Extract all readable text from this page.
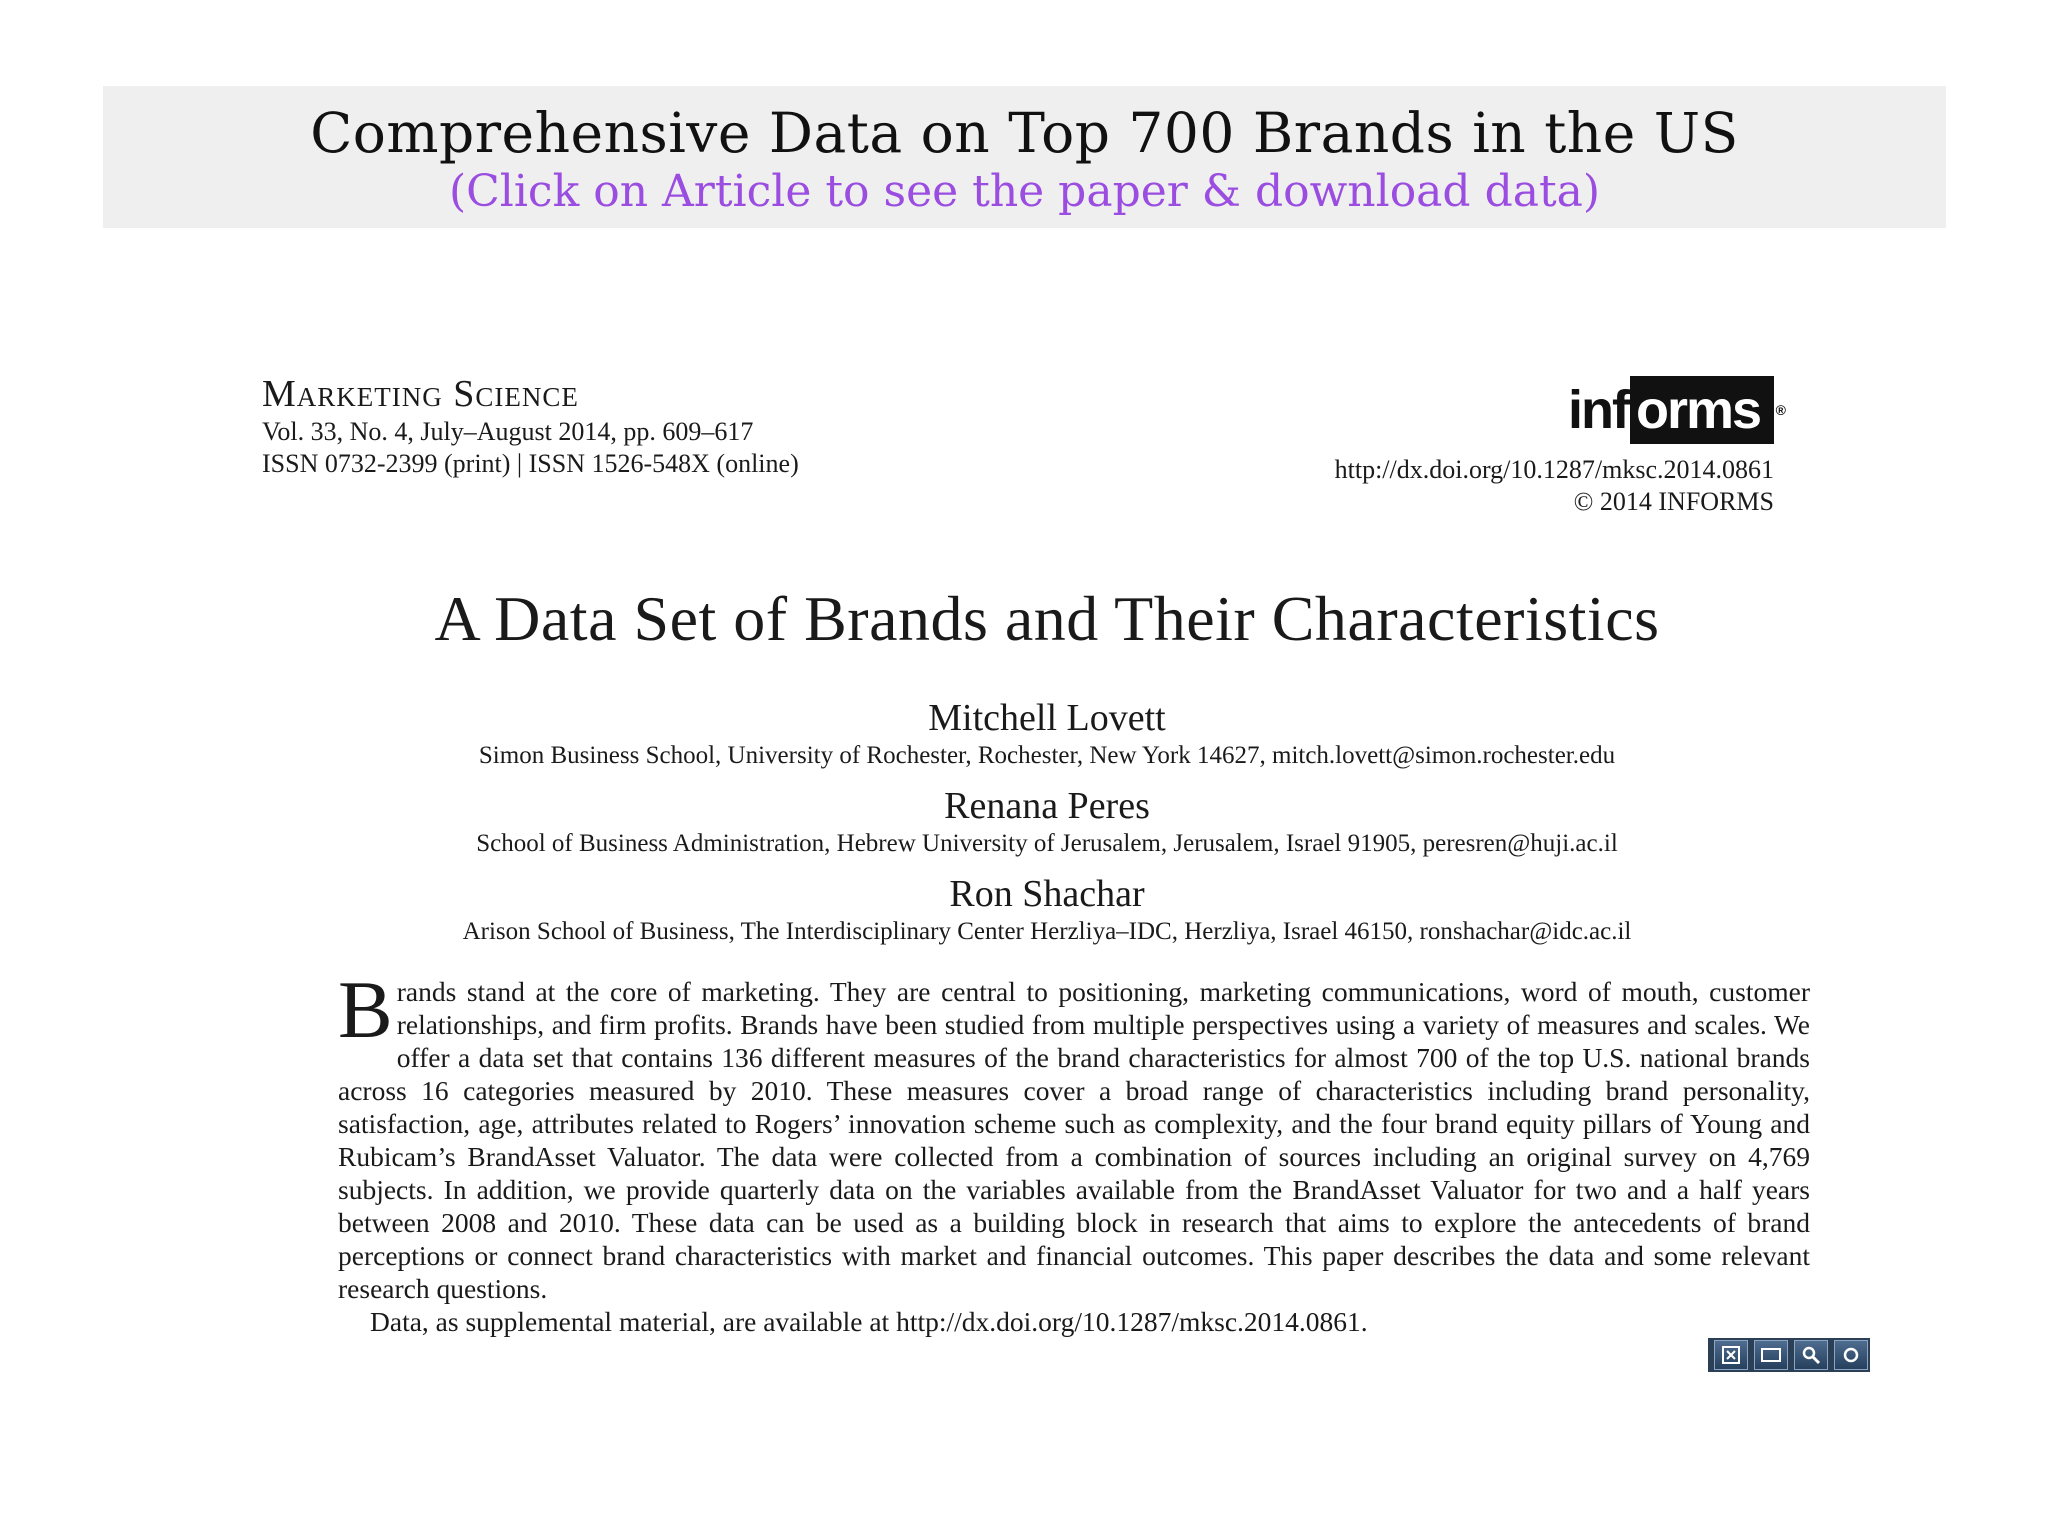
Comprehensive Data on Top 700 Brands in the US
(Click on Article to see the paper & download data)
Marketing Science
Vol. 33, No. 4, July–August 2014, pp. 609–617
ISSN 0732-2399 (print) | ISSN 1526-548X (online)
inf orms ®
http://dx.doi.org/10.1287/mksc.2014.0861
© 2014 INFORMS
A Data Set of Brands and Their Characteristics
Mitchell Lovett
Simon Business School, University of Rochester, Rochester, New York 14627, mitch.lovett@simon.rochester.edu
Renana Peres
School of Business Administration, Hebrew University of Jerusalem, Jerusalem, Israel 91905, peresren@huji.ac.il
Ron Shachar
Arison School of Business, The Interdisciplinary Center Herzliya–IDC, Herzliya, Israel 46150, ronshachar@idc.ac.il

Brands stand at the core of marketing. They are central to positioning, marketing communications, word of mouth, customer relationships, and firm profits. Brands have been studied from multiple perspectives using a variety of measures and scales. We offer a data set that contains 136 different measures of the brand characteristics for almost 700 of the top U.S. national brands across 16 categories measured by 2010. These measures cover a broad range of characteristics including brand personality, satisfaction, age, attributes related to Rogers’ innovation scheme such as complexity, and the four brand equity pillars of Young and Rubicam’s BrandAsset Valuator. The data were collected from a combination of sources including an original survey on 4,769 subjects. In addition, we provide quarterly data on the variables available from the BrandAsset Valuator for two and a half years between 2008 and 2010. These data can be used as a building block in research that aims to explore the antecedents of brand perceptions or connect brand characteristics with market and financial outcomes. This paper describes the data and some relevant research questions.

Data, as supplemental material, are available at http://dx.doi.org/10.1287/mksc.2014.0861.
